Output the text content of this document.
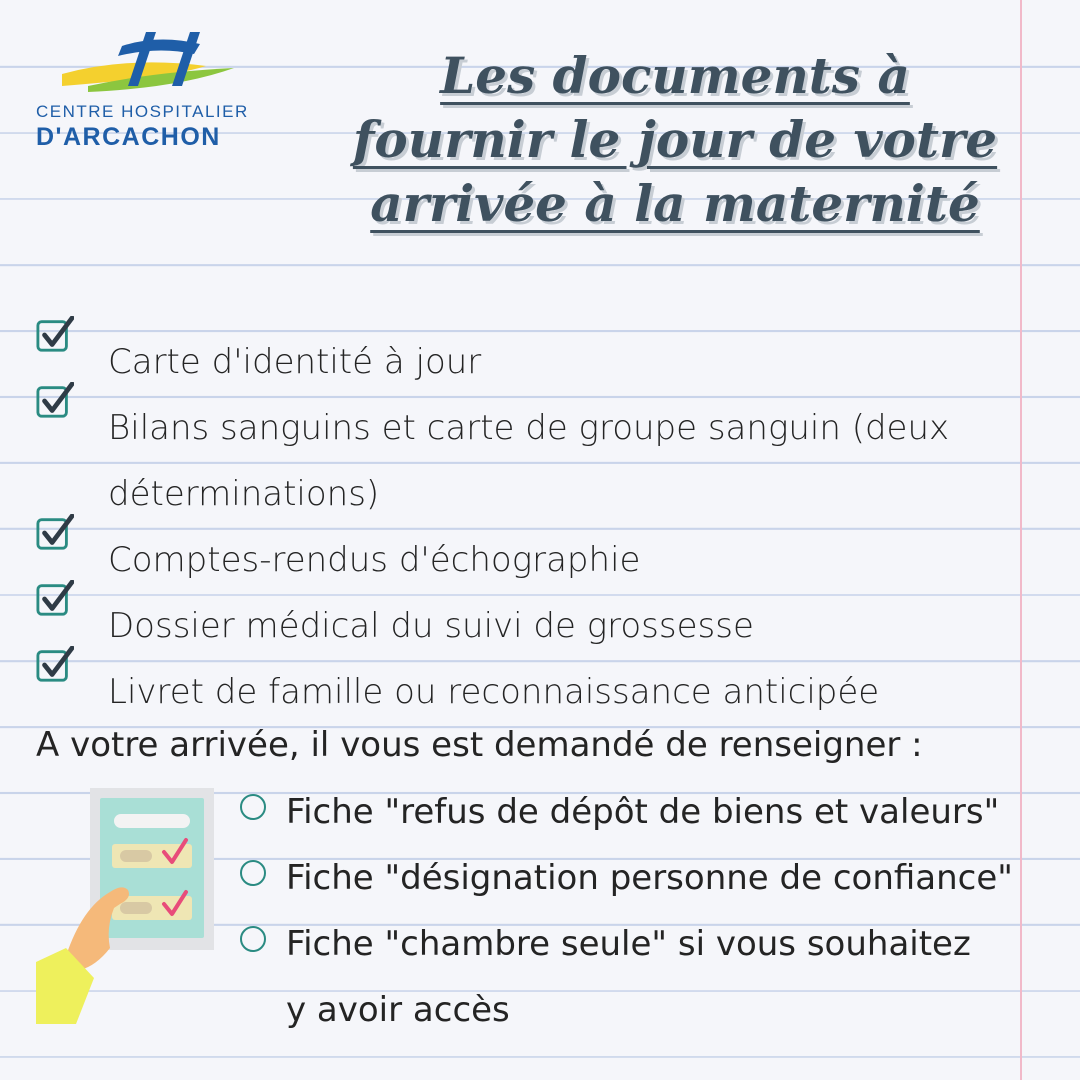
CENTRE HOSPITALIER
D'ARCACHON
Les documents à
fournir le jour de votre
arrivée à la maternité
Carte d'identité à jour
Bilans sanguins et carte de groupe sanguin (deux
déterminations)
Comptes-rendus d'échographie
Dossier médical du suivi de grossesse
Livret de famille ou reconnaissance anticipée
A votre arrivée, il vous est demandé de renseigner :
Fiche "refus de dépôt de biens et valeurs"
Fiche "désignation personne de confiance"
Fiche "chambre seule" si vous souhaitez
y avoir accès
